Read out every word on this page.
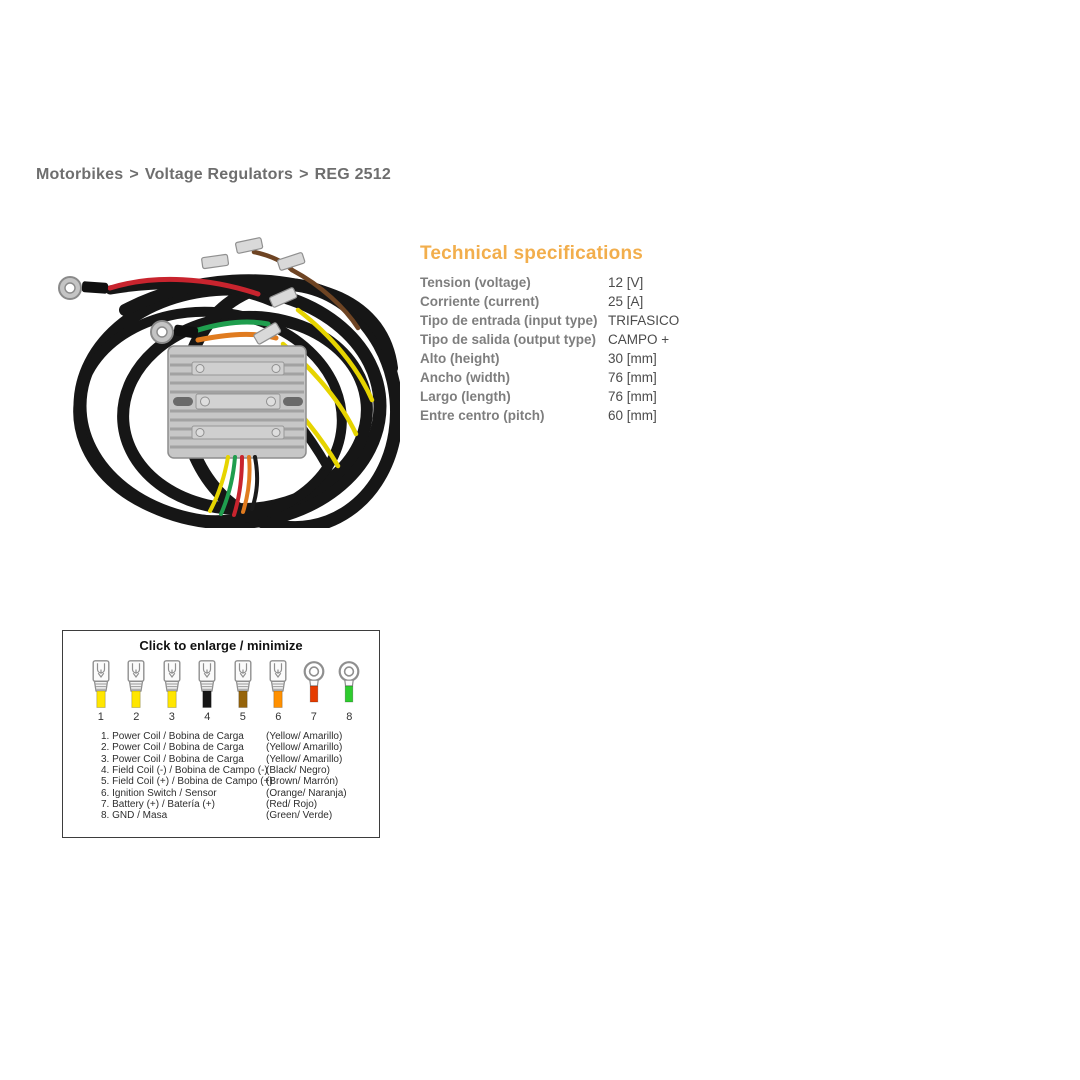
Motorbikes > Voltage Regulators > REG 2512
Technical specifications
Tension (voltage)	12 [V]
Corriente (current)	25 [A]
Tipo de entrada (input type) TRIFASICO
Tipo de salida (output type) CAMPO +
Alto (height)	30 [mm]
Ancho (width)	76 [mm]
Largo (length)	76 [mm]
Entre centro (pitch)	60 [mm]
Click to enlarge / minimize
1	2	3	4	5	6	7	8
1. Power Coil / Bobina de Carga	(Yellow/ Amarillo)
2. Power Coil / Bobina de Carga	(Yellow/ Amarillo)
3. Power Coil / Bobina de Carga	(Yellow/ Amarillo)
4. Field Coil (-) / Bobina de Campo (-)
(Black/ Negro)
5. Field Coil (+) / Bobina de Campo (+)
(Brown/ Marrón)
6. Ignition Switch / Sensor	(Orange/ Naranja)
7. Battery (+) / Batería (+)	(Red/ Rojo)
8. GND / Masa	(Green/ Verde)
